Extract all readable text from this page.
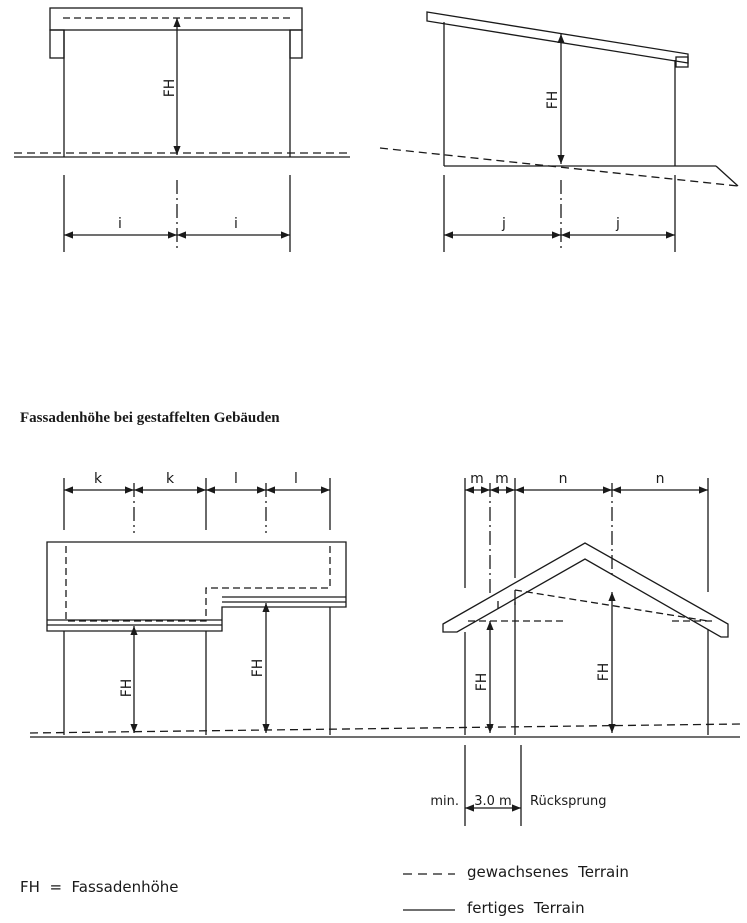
Fassadenhöhe bei gestaffelten Gebäuden
FH
FH
FH
FH
FH
FH
i	i	j	j
k	k	l	l	m m	n	n
min. 3.0 m Rücksprung
FH  =  Fassadenhöhe
gewachsenes  Terrain
fertiges  Terrain
